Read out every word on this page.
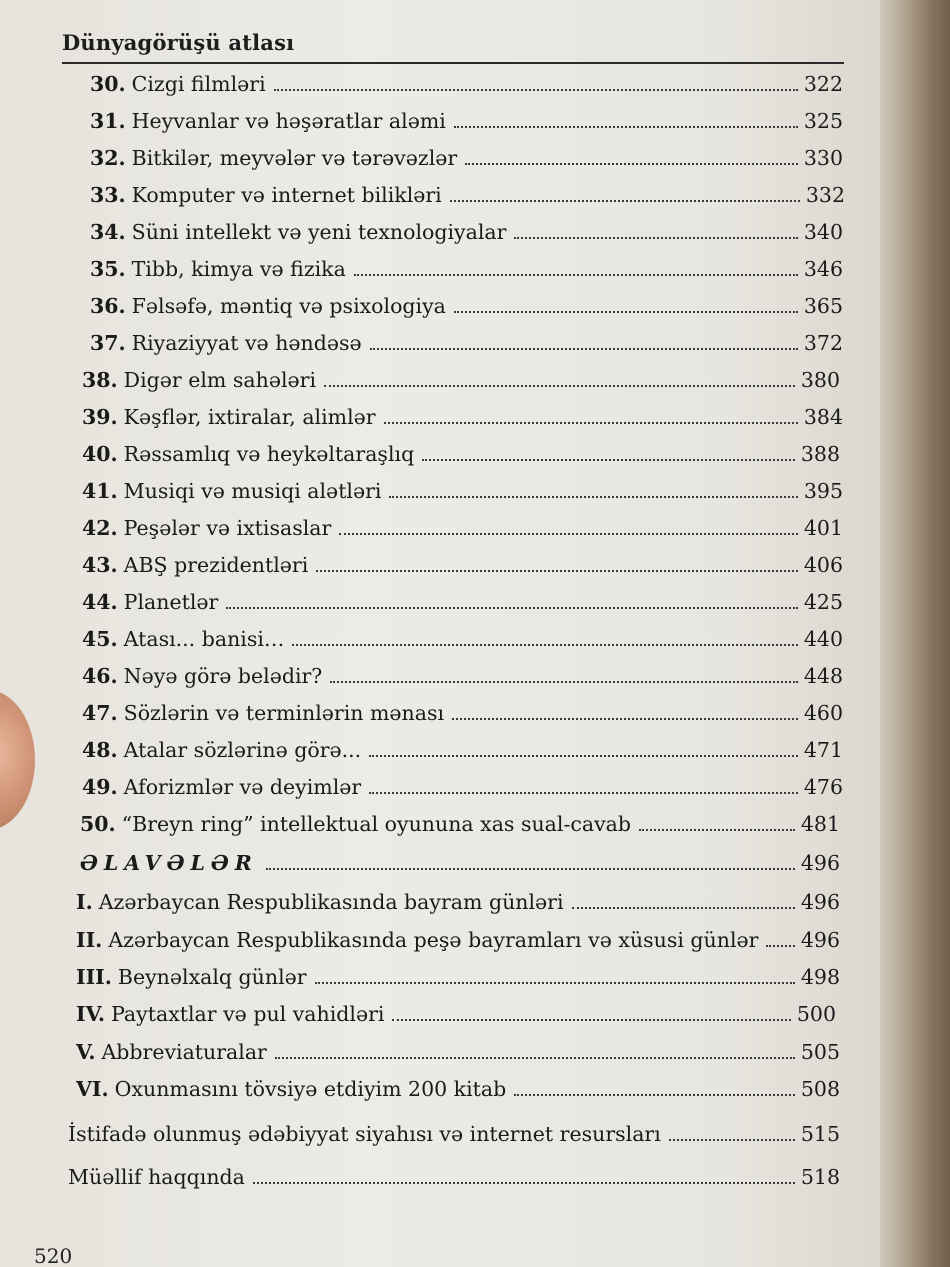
Dünyagörüşü atlası
30. Cizgi filmləri	322
31. Heyvanlar və həşəratlar aləmi	325
32. Bitkilər, meyvələr və tərəvəzlər	330
33. Komputer və internet bilikləri	332
34. Süni intellekt və yeni texnologiyalar	340
35. Tibb, kimya və fizika	346
36. Fəlsəfə, məntiq və psixologiya	365
37. Riyaziyyat və həndəsə	372
38. Digər elm sahələri	380
39. Kəşflər, ixtiralar, alimlər	384
40. Rəssamlıq və heykəltaraşlıq	388
41. Musiqi və musiqi alətləri	395
42. Peşələr və ixtisaslar	401
43. ABŞ prezidentləri	406
44. Planetlər	425
45. Atası... banisi…	440
46. Nəyə görə belədir?	448
47. Sözlərin və terminlərin mənası	460
48. Atalar sözlərinə görə...	471
49. Aforizmlər və deyimlər	476
50. “Breyn ring” intellektual oyununa xas sual-cavab	481
ƏLAVƏLƏR	496
I. Azərbaycan Respublikasında bayram günləri	496
II. Azərbaycan Respublikasında peşə bayramları və xüsusi günlər 496
III. Beynəlxalq günlər	498
IV. Paytaxtlar və pul vahidləri	500
V. Abbreviaturalar	505
VI. Oxunmasını tövsiyə etdiyim 200 kitab	508
İstifadə olunmuş ədəbiyyat siyahısı və internet resursları	515
Müəllif haqqında	518
520
